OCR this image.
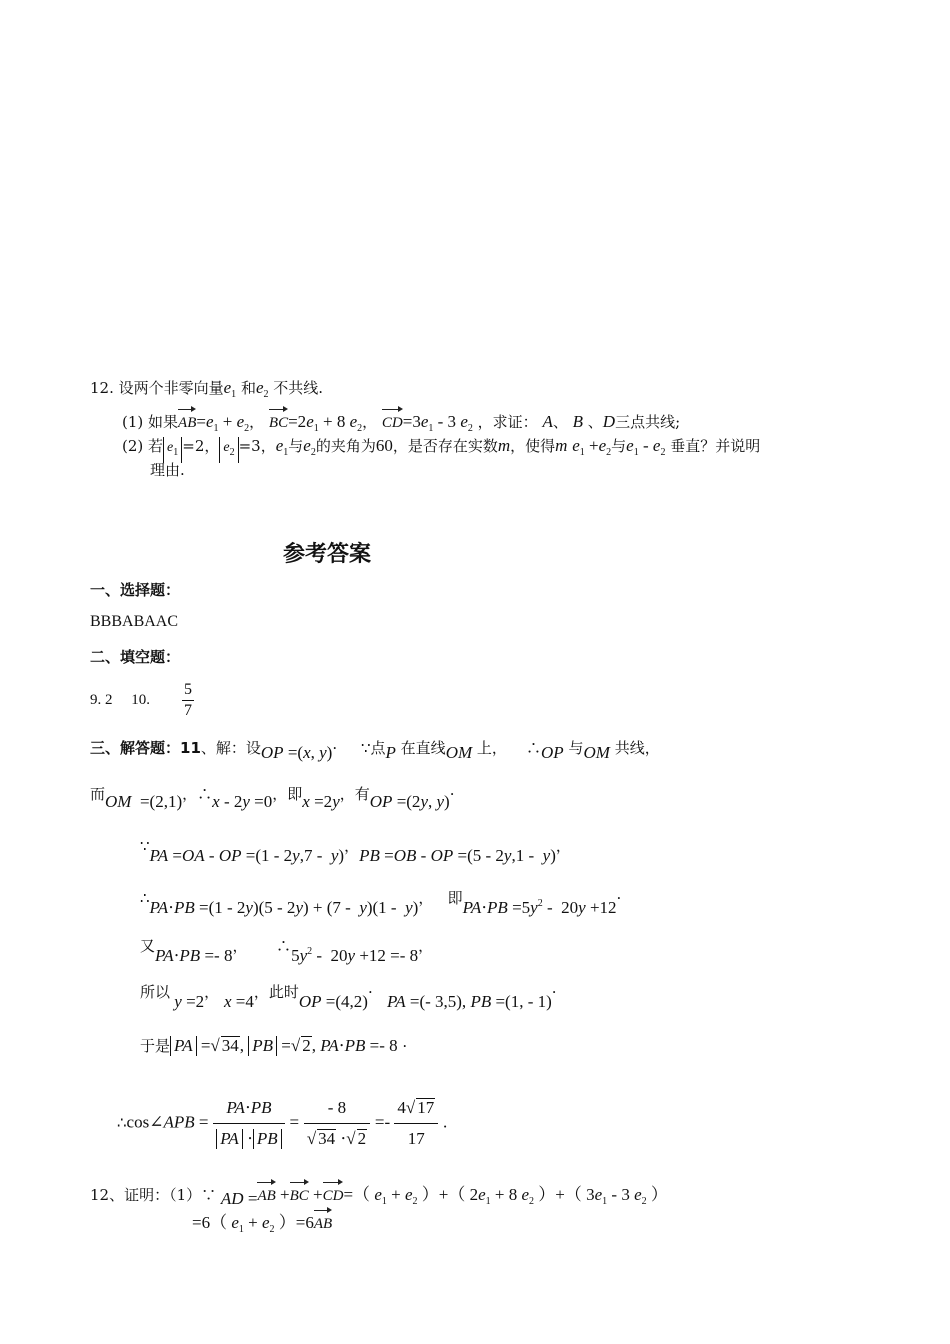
12. 设两个非零向量$e_1$ 和$e_2$ 不共线.
(1) 如果$AB=e_1 + e_2$， $BC=2e_1 + 8$ $e_2$， $CD=3e_1 - 3$ $e_2$ ，求证： A、 B 、D三点共线;
(2) 若 $e_1 =2$， $e_2 =3$，$e_1$与$e_2$的夹角为60，是否存在实数m，使得m $e_1 +e_2$与$e_1 - e_2$ 垂直？并说明
理由.
参考答案
一、选择题：
BBBABAAC
二、填空题：
9. 2 10.
5
7
三、解答题：11、解：设OP =(x, y)·     ∵点P 在直线OM 上，    ∴OP 与OM 共线，
而OM  =(2,1)，∴x - 2y =0，即x =2y，有OP =(2y, y)·
∵PA =OA - OP =(1 - 2y,7 -  y)，PB =OB - OP =(5 - 2y,1 -  y)，
∴PA⋅PB =(1 - 2y)(5 - 2y) + (7 -  y)(1 -  y)，   即$PA\cdot PB =5y^2 - 20y +12\cdot$
又PA⋅PB =- 8，      $\therefore 5y^2 - 20y +12 =- 8$，
所以 y =2， x =4，此时OP =(4,2)·   PA =(- 3,5), PB =(1, - 1)·
于是 PA =√ 34, PB =√ 2, PA⋅PB =- 8 ·
∴cos∠APB = $\frac{PA\cdot PB}{PA \cdot PB} = \frac{- 8}{√ 34 \cdot√ 2} =- \frac{4√ 17}{17}$ .
12、证明：（1）∵ AD =AB +BC +CD=（ $e_1 + e_2$ ）+（ $2e_1 + 8$ $e_2$ ）+（ $3e_1 - 3$ $e_2$ ）
=6（ $e_1 + e_2$ ）=6AB
